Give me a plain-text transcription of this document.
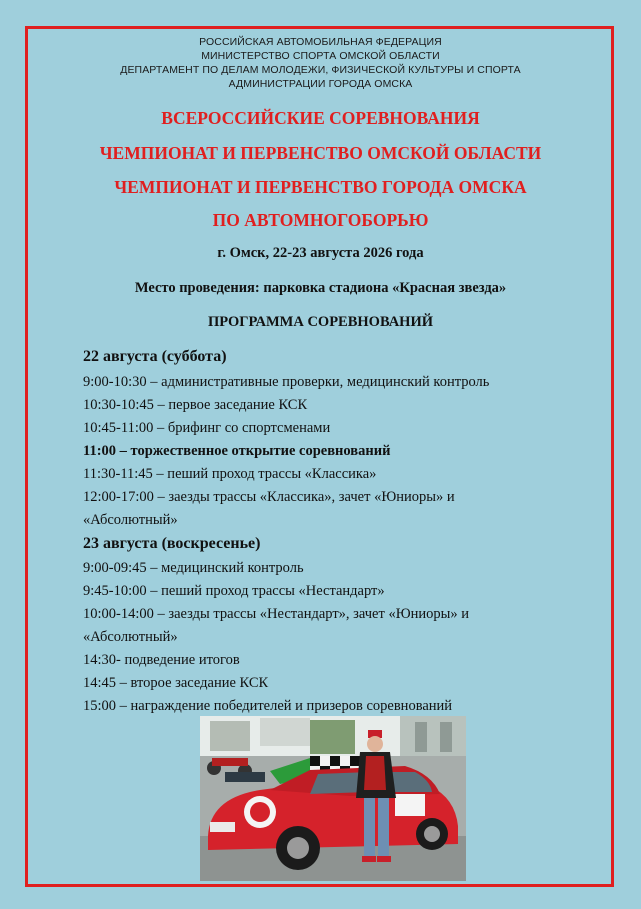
РОССИЙСКАЯ АВТОМОБИЛЬНАЯ ФЕДЕРАЦИЯ
МИНИСТЕРСТВО СПОРТА ОМСКОЙ ОБЛАСТИ
ДЕПАРТАМЕНТ ПО ДЕЛАМ МОЛОДЕЖИ, ФИЗИЧЕСКОЙ КУЛЬТУРЫ И СПОРТА
АДМИНИСТРАЦИИ ГОРОДА ОМСКА
ВСЕРОССИЙСКИЕ СОРЕВНОВАНИЯ
ЧЕМПИОНАТ И ПЕРВЕНСТВО ОМСКОЙ ОБЛАСТИ
ЧЕМПИОНАТ И ПЕРВЕНСТВО ГОРОДА ОМСКА
ПО АВТОМНОГОБОРЬЮ
г. Омск, 22-23 августа 2026 года
Место проведения: парковка стадиона «Красная звезда»
ПРОГРАММА СОРЕВНОВАНИЙ
22 августа (суббота)
9:00-10:30 – административные проверки, медицинский контроль
10:30-10:45 – первое заседание КСК
10:45-11:00 – брифинг со спортсменами
11:00 – торжественное открытие соревнований
11:30-11:45 – пеший проход трассы «Классика»
12:00-17:00 – заезды трассы «Классика», зачет «Юниоры» и
«Абсолютный»
23 августа (воскресенье)
9:00-09:45 – медицинский контроль
9:45-10:00 – пеший проход трассы «Нестандарт»
10:00-14:00 – заезды трассы «Нестандарт», зачет «Юниоры» и
«Абсолютный»
14:30- подведение итогов
14:45 – второе заседание КСК
15:00 – награждение победителей и призеров соревнований
